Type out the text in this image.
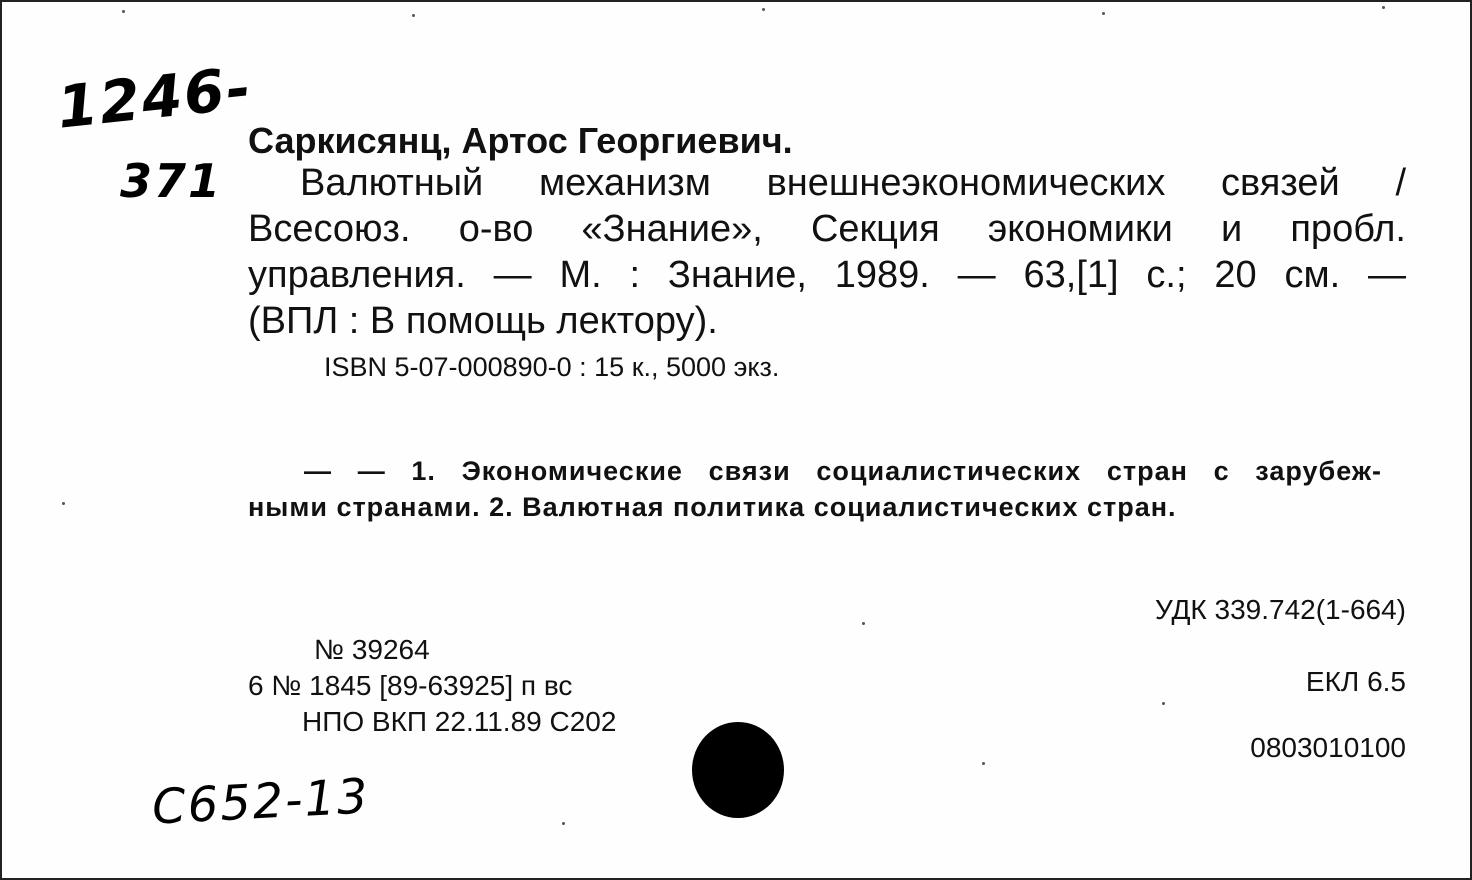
1246-
371
Саркисянц, Артос Георгиевич.
Валютный механизм внешнеэкономических связей /
Всесоюз. о-во «Знание», Секция экономики и пробл.
управления. — М. : Знание, 1989. — 63,[1] с.; 20 см. —
(ВПЛ : В помощь лектору).
ISBN 5-07-000890-0 : 15 к., 5000 экз.
— — 1. Экономические связи социалистических стран с зарубеж-
ными странами. 2. Валютная политика социалистических стран.
УДК 339.742(1-664)
ЕКЛ 6.5
0803010100
№ 39264
6 № 1845 [89-63925] п вс
НПО ВКП 22.11.89 С202
С652-13
